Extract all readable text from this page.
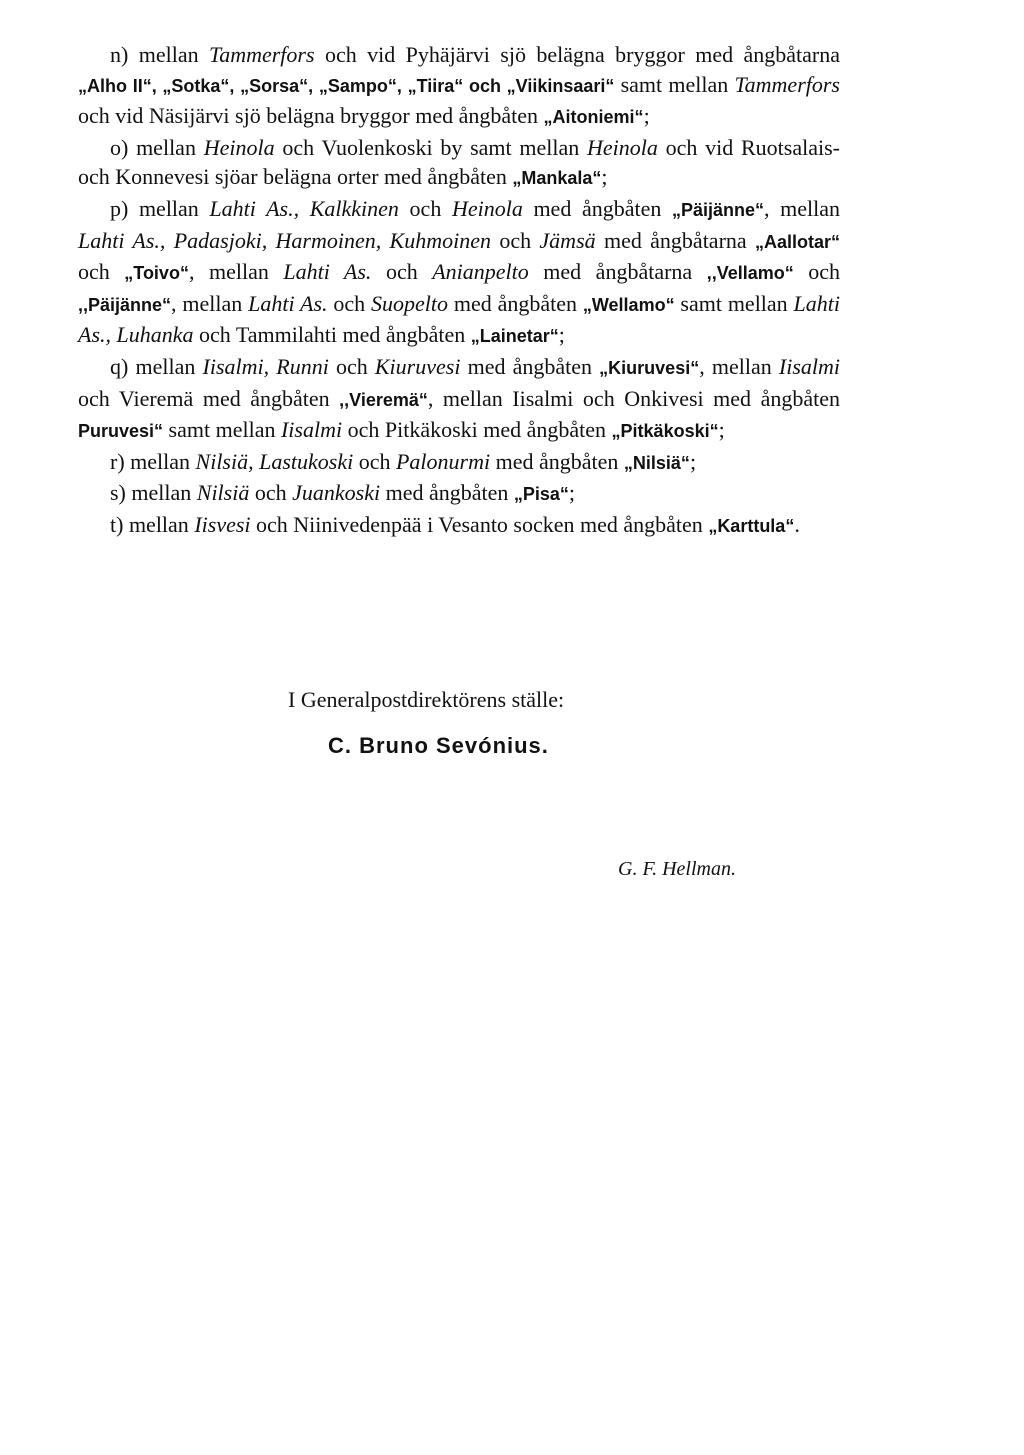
n) mellan Tammerfors och vid Pyhäjärvi sjö belägna bryggor med ångbåtarna „Alho II“, „Sotka“, „Sorsa“, „Sampo“, „Tiira“ och „Viikinsaari“ samt mellan Tammerfors och vid Näsijärvi sjö belägna bryggor med ångbåten „Aitoniemi“;

o) mellan Heinola och Vuolenkoski by samt mellan Heinola och vid Ruotsalais- och Konnevesi sjöar belägna orter med ångbåten „Mankala“;

p) mellan Lahti As., Kalkkinen och Heinola med ångbåten „Päijänne“, mellan Lahti As., Padasjoki, Harmoinen, Kuhmoinen och Jämsä med ångbåtarna „Aallotar“ och „Toivo“, mellan Lahti As. och Anianpelto med ångbåtarna ,,Vellamo“ och ,,Päijänne“, mellan Lahti As. och Suopelto med ångbåten „Wellamo“ samt mellan Lahti As., Luhanka och Tammilahti med ångbåten „Lainetar“;

q) mellan Iisalmi, Runni och Kiuruvesi med ångbåten „Kiuruvesi“, mellan Iisalmi och Vieremä med ångbåten ,,Vieremä“, mellan Iisalmi och Onkivesi med ångbåten Puruvesi“ samt mellan Iisalmi och Pitkäkoski med ångbåten „Pitkäkoski“;

r) mellan Nilsiä, Lastukoski och Palonurmi med ångbåten „Nilsiä“;

s) mellan Nilsiä och Juankoski med ångbåten „Pisa“;

t) mellan Iisvesi och Niinivedenpää i Vesanto socken med ångbåten „Karttula“.

I Generalpostdirektörens ställe:
C. Bruno Sevónius.
G. F. Hellman.
